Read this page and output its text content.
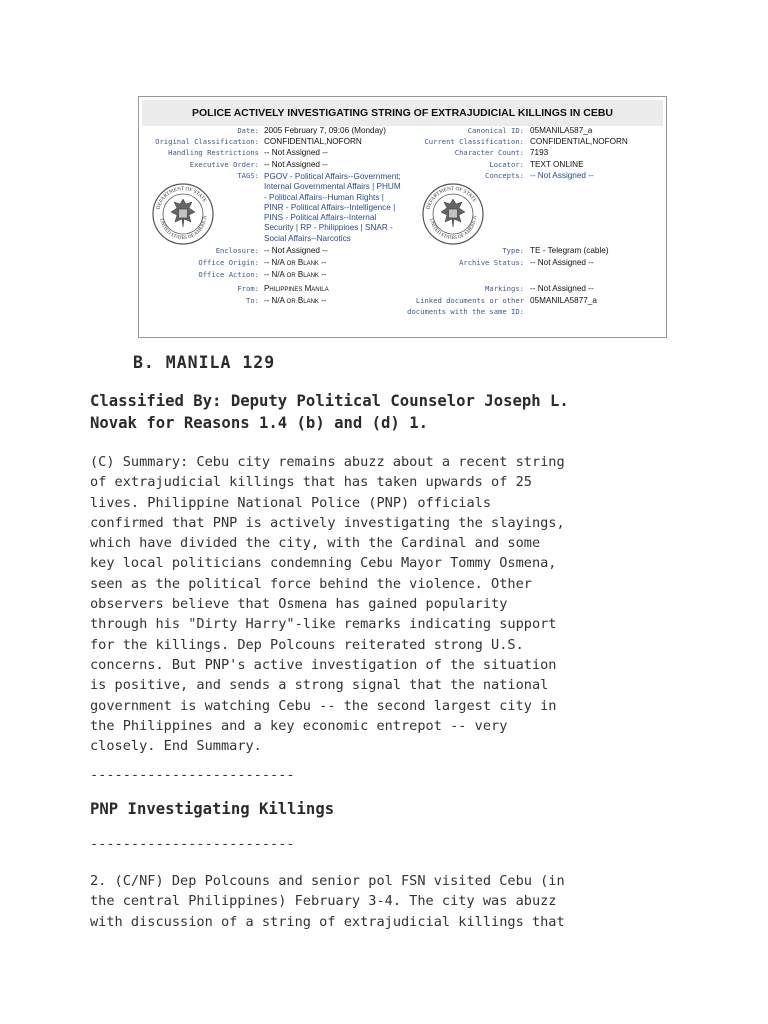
POLICE ACTIVELY INVESTIGATING STRING OF EXTRAJUDICIAL KILLINGS IN CEBU
Date: 2005 February 7, 09:06 (Monday)
Original Classification: CONFIDENTIAL,NOFORN
Handling Restrictions -- Not Assigned --
Executive Order: -- Not Assigned --
TAGS: PGOV - Political Affairs--Government;
Internal Governmental Affairs | PHUM
- Political Affairs--Human Rights |
PINR - Political Affairs--Intelligence |
PINS - Political Affairs--Internal
Security | RP - Philippines | SNAR -
Social Affairs--Narcotics
Enclosure: -- Not Assigned --
Office Origin: -- N/A or Blank --
Office Action: -- N/A or Blank --
From: Philippines Manila
To: -- N/A or Blank --
Canonical ID: 05MANILA587_a
Current Classification: CONFIDENTIAL,NOFORN
Character Count: 7193
Locator: TEXT ONLINE
Concepts: -- Not Assigned --
Type: TE - Telegram (cable)
Archive Status: -- Not Assigned --
Markings: -- Not Assigned --
Linked documents or other 05MANILA5877_a
documents with the same ID:
DEPARTMENT OF STATE
UNITED STATES OF AMERICA
DEPARTMENT OF STATE
UNITED STATES OF AMERICA
B. MANILA 129
Classified By: Deputy Political Counselor Joseph L.
Novak for Reasons 1.4 (b) and (d) 1.
(C) Summary: Cebu city remains abuzz about a recent string
of extrajudicial killings that has taken upwards of 25
lives. Philippine National Police (PNP) officials
confirmed that PNP is actively investigating the slayings,
which have divided the city, with the Cardinal and some
key local politicians condemning Cebu Mayor Tommy Osmena,
seen as the political force behind the violence. Other
observers believe that Osmena has gained popularity
through his "Dirty Harry"-like remarks indicating support
for the killings. Dep Polcouns reiterated strong U.S.
concerns. But PNP's active investigation of the situation
is positive, and sends a strong signal that the national
government is watching Cebu -- the second largest city in
the Philippines and a key economic entrepot -- very
closely. End Summary.
-------------------------
PNP Investigating Killings
-------------------------
2. (C/NF) Dep Polcouns and senior pol FSN visited Cebu (in
the central Philippines) February 3-4. The city was abuzz
with discussion of a string of extrajudicial killings that
